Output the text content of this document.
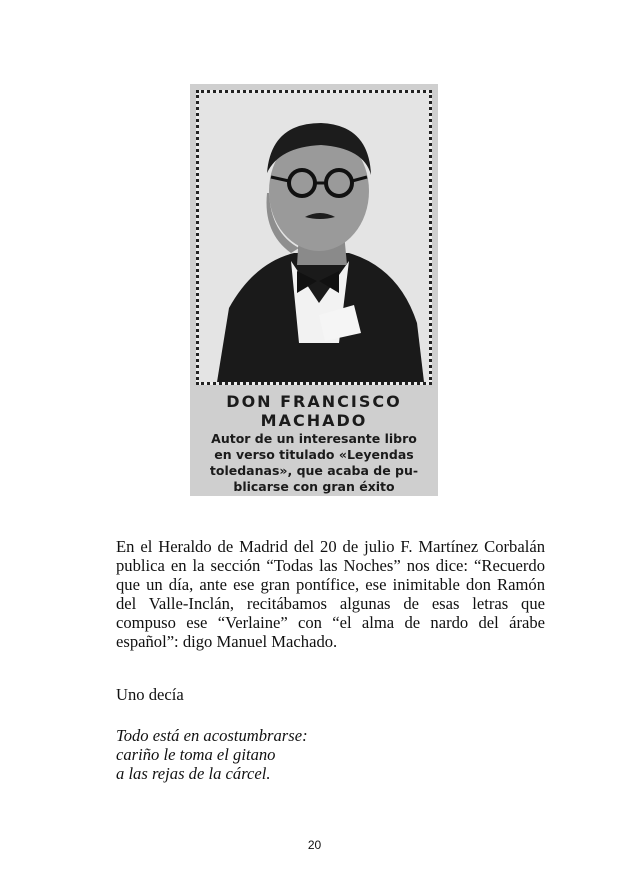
DON FRANCISCO
MACHADO
Autor de un interesante libro
en verso titulado «Leyendas
toledanas», que acaba de pu-
blicarse con gran éxito

En el Heraldo de Madrid del 20 de julio F. Martínez Corbalán publica en la sección “Todas las Noches” nos dice: “Recuerdo que un día, ante ese gran pontífice, ese inimitable don Ramón del Valle-Inclán, recitábamos algunas de esas letras que compuso ese “Verlaine” con “el alma de nardo del árabe español”: digo Manuel Machado.

Uno decía
Todo está en acostumbrarse:
cariño le toma el gitano
a las rejas de la cárcel.
20
